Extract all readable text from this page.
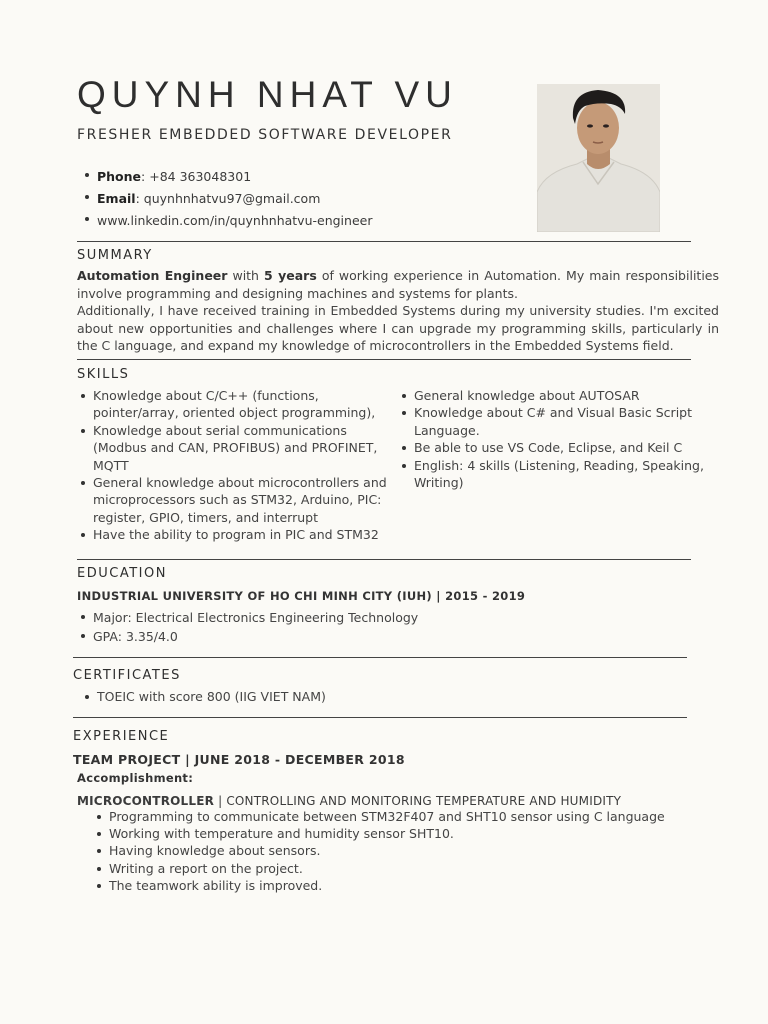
QUYNH NHAT VU
FRESHER EMBEDDED SOFTWARE DEVELOPER
Phone: +84 363048301
Email: quynhnhatvu97@gmail.com
www.linkedin.com/in/quynhnhatvu-engineer
SUMMARY

Automation Engineer with 5 years of working experience in Automation. My main responsibilities involve programming and designing machines and systems for plants.
Additionally, I have received training in Embedded Systems during my university studies. I'm excited about new opportunities and challenges where I can upgrade my programming skills, particularly in the C language, and expand my knowledge of microcontrollers in the Embedded Systems field.

SKILLS
Knowledge about C/C++ (functions, pointer/array, oriented object programming),
Knowledge about serial communications (Modbus and CAN, PROFIBUS) and PROFINET, MQTT
General knowledge about microcontrollers and microprocessors such as STM32, Arduino, PIC: register, GPIO, timers, and interrupt
Have the ability to program in PIC and STM32
General knowledge about AUTOSAR
Knowledge about C# and Visual Basic Script Language.
Be able to use VS Code, Eclipse, and Keil C
English: 4 skills (Listening, Reading, Speaking, Writing)
EDUCATION
INDUSTRIAL UNIVERSITY OF HO CHI MINH CITY (IUH) | 2015 - 2019
Major: Electrical Electronics Engineering Technology
GPA: 3.35/4.0
CERTIFICATES
TOEIC with score 800 (IIG VIET NAM)
EXPERIENCE
TEAM PROJECT | JUNE 2018 - DECEMBER 2018
Accomplishment:
MICROCONTROLLER | CONTROLLING AND MONITORING TEMPERATURE AND HUMIDITY
Programming to communicate between STM32F407 and SHT10 sensor using C language
Working with temperature and humidity sensor SHT10.
Having knowledge about sensors.
Writing a report on the project.
The teamwork ability is improved.
